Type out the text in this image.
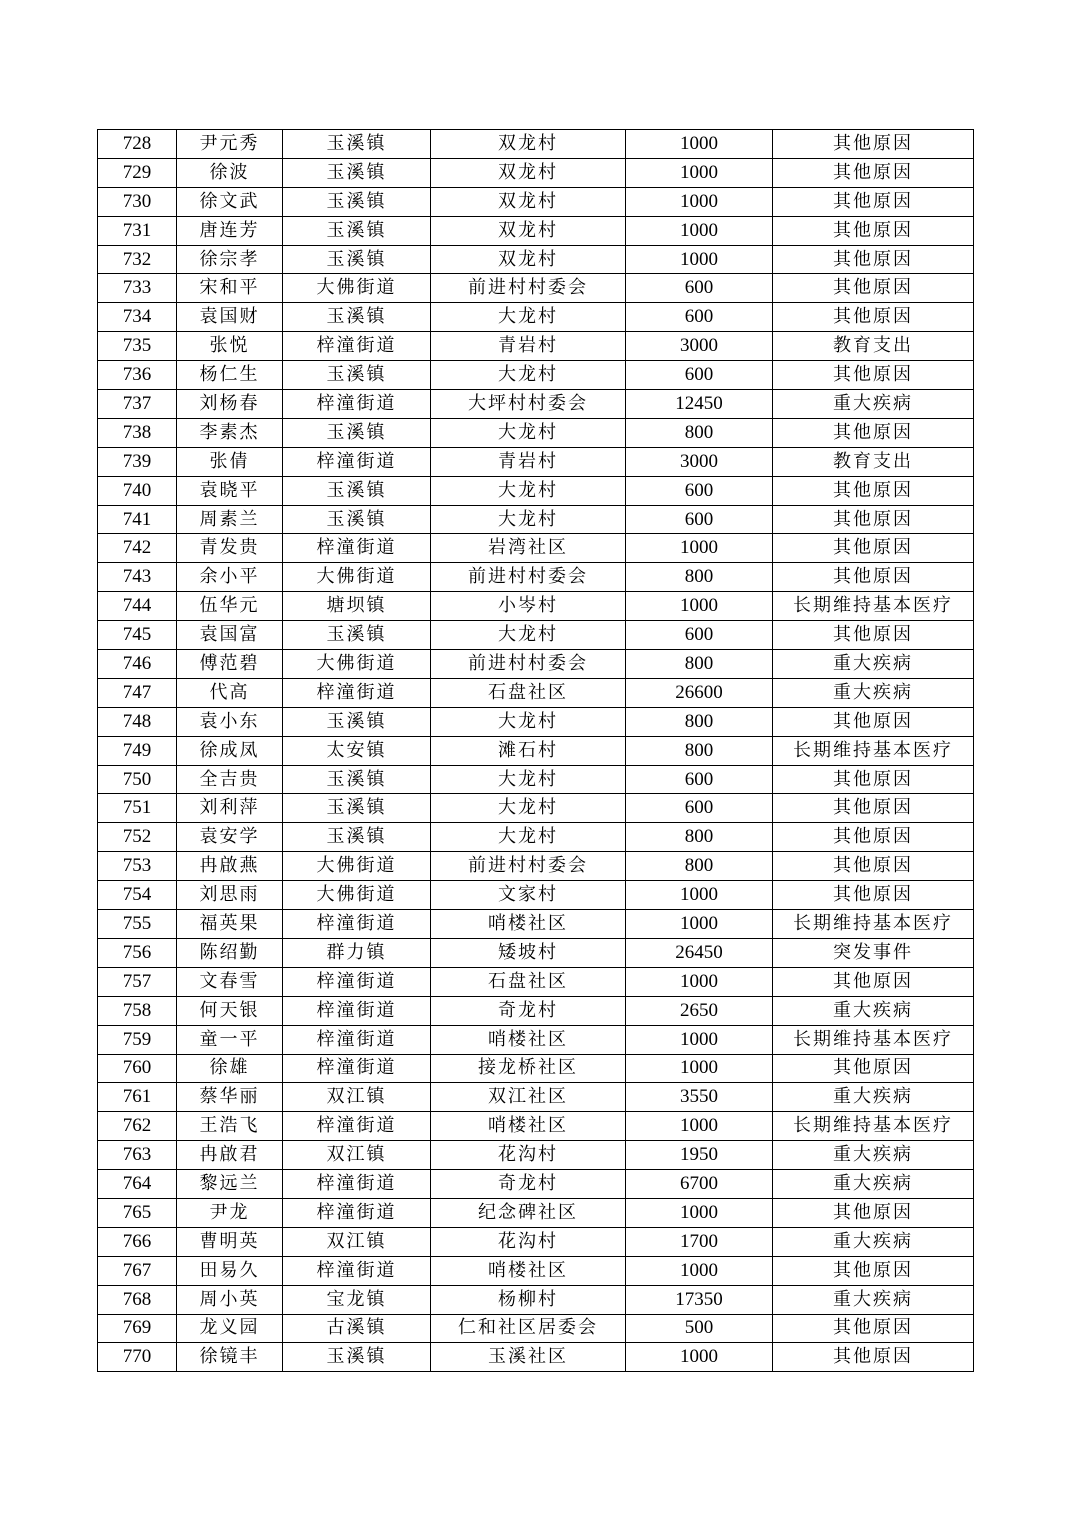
728	尹元秀	玉溪镇	双龙村	1000	其他原因
729	徐波	玉溪镇	双龙村	1000	其他原因
730	徐文武	玉溪镇	双龙村	1000	其他原因
731	唐连芳	玉溪镇	双龙村	1000	其他原因
732	徐宗孝	玉溪镇	双龙村	1000	其他原因
733	宋和平	大佛街道	前进村村委会	600	其他原因
734	袁国财	玉溪镇	大龙村	600	其他原因
735	张悦	梓潼街道	青岩村	3000	教育支出
736	杨仁生	玉溪镇	大龙村	600	其他原因
737	刘杨春	梓潼街道	大坪村村委会	12450	重大疾病
738	李素杰	玉溪镇	大龙村	800	其他原因
739	张倩	梓潼街道	青岩村	3000	教育支出
740	袁晓平	玉溪镇	大龙村	600	其他原因
741	周素兰	玉溪镇	大龙村	600	其他原因
742	青发贵	梓潼街道	岩湾社区	1000	其他原因
743	余小平	大佛街道	前进村村委会	800	其他原因
744	伍华元	塘坝镇	小岑村	1000	长期维持基本医疗
745	袁国富	玉溪镇	大龙村	600	其他原因
746	傅范碧	大佛街道	前进村村委会	800	重大疾病
747	代高	梓潼街道	石盘社区	26600	重大疾病
748	袁小东	玉溪镇	大龙村	800	其他原因
749	徐成凤	太安镇	滩石村	800	长期维持基本医疗
750	全吉贵	玉溪镇	大龙村	600	其他原因
751	刘利萍	玉溪镇	大龙村	600	其他原因
752	袁安学	玉溪镇	大龙村	800	其他原因
753	冉啟燕	大佛街道	前进村村委会	800	其他原因
754	刘思雨	大佛街道	文家村	1000	其他原因
755	福英果	梓潼街道	哨楼社区	1000	长期维持基本医疗
756	陈绍勤	群力镇	矮坡村	26450	突发事件
757	文春雪	梓潼街道	石盘社区	1000	其他原因
758	何天银	梓潼街道	奇龙村	2650	重大疾病
759	童一平	梓潼街道	哨楼社区	1000	长期维持基本医疗
760	徐雄	梓潼街道	接龙桥社区	1000	其他原因
761	蔡华丽	双江镇	双江社区	3550	重大疾病
762	王浩飞	梓潼街道	哨楼社区	1000	长期维持基本医疗
763	冉啟君	双江镇	花沟村	1950	重大疾病
764	黎远兰	梓潼街道	奇龙村	6700	重大疾病
765	尹龙	梓潼街道	纪念碑社区	1000	其他原因
766	曹明英	双江镇	花沟村	1700	重大疾病
767	田易久	梓潼街道	哨楼社区	1000	其他原因
768	周小英	宝龙镇	杨柳村	17350	重大疾病
769	龙义园	古溪镇	仁和社区居委会	500	其他原因
770	徐镜丰	玉溪镇	玉溪社区	1000	其他原因
